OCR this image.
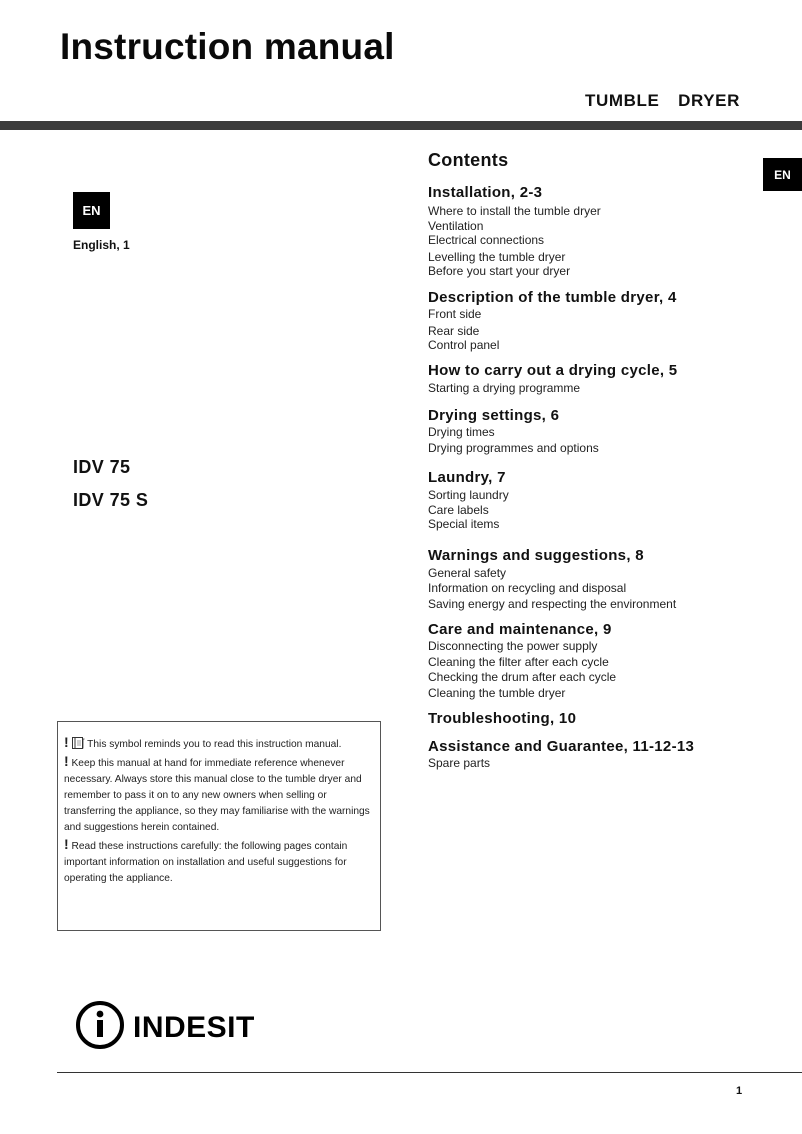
Instruction manual
TUMBLE  DRYER
EN
English, 1
EN
IDV 75
IDV 75 S
Contents
Installation, 2-3
Where to install the tumble dryer
Ventilation
Electrical connections
Levelling the tumble dryer
Before you start your dryer
Description of the tumble dryer, 4
Front side
Rear side
Control panel
How to carry out a drying cycle, 5
Starting a drying programme
Drying settings, 6
Drying times
Drying programmes and options
Laundry, 7
Sorting laundry
Care labels
Special items
Warnings and suggestions, 8
General safety
Information on recycling and disposal
Saving energy and respecting the environment
Care and maintenance, 9
Disconnecting the power supply
Cleaning the filter after each cycle
Checking the drum after each cycle
Cleaning the tumble dryer
Troubleshooting, 10
Assistance and Guarantee, 11-12-13
Spare parts

! This symbol reminds you to read this instruction manual.

! Keep this manual at hand for immediate reference whenever necessary. Always store this manual close to the tumble dryer and remember to pass it on to any new owners when selling or transferring the appliance, so they may familiarise with the warnings and suggestions herein contained.

! Read these instructions carefully: the following pages contain important information on installation and useful suggestions for operating the appliance.

INDESIT
1
